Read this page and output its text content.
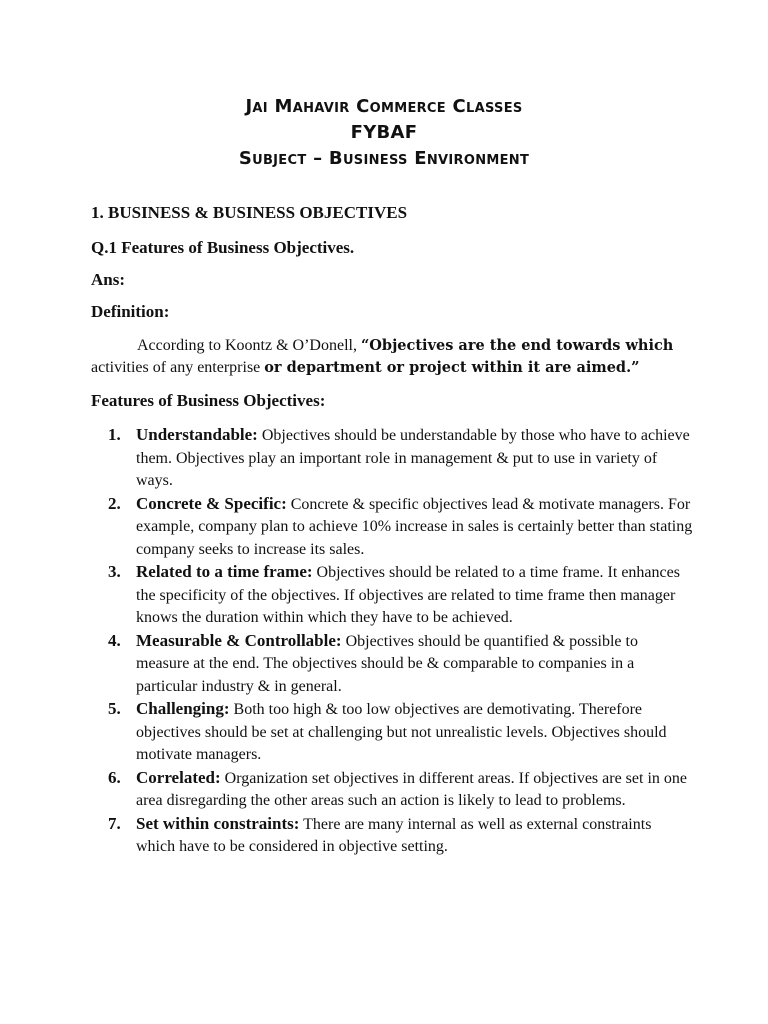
Jai Mahavir Commerce Classes
FYBAF
Subject – Business Environment

1. BUSINESS & BUSINESS OBJECTIVES

Q.1 Features of Business Objectives.

Ans:

Definition:

According to Koontz & O’Donell, “Objectives are the end towards which activities of any enterprise or department or project within it are aimed.”

Features of Business Objectives:

1. Understandable: Objectives should be understandable by those who have to achieve them. Objectives play an important role in management & put to use in variety of ways.
2. Concrete & Specific: Concrete & specific objectives lead & motivate managers. For example, company plan to achieve 10% increase in sales is certainly better than stating company seeks to increase its sales.
3. Related to a time frame: Objectives should be related to a time frame. It enhances the specificity of the objectives. If objectives are related to time frame then manager knows the duration within which they have to be achieved.
4. Measurable & Controllable: Objectives should be quantified & possible to measure at the end. The objectives should be & comparable to companies in a particular industry & in general.
5. Challenging: Both too high & too low objectives are demotivating. Therefore objectives should be set at challenging but not unrealistic levels. Objectives should motivate managers.
6. Correlated: Organization set objectives in different areas. If objectives are set in one area disregarding the other areas such an action is likely to lead to problems.
7. Set within constraints: There are many internal as well as external constraints which have to be considered in objective setting.
